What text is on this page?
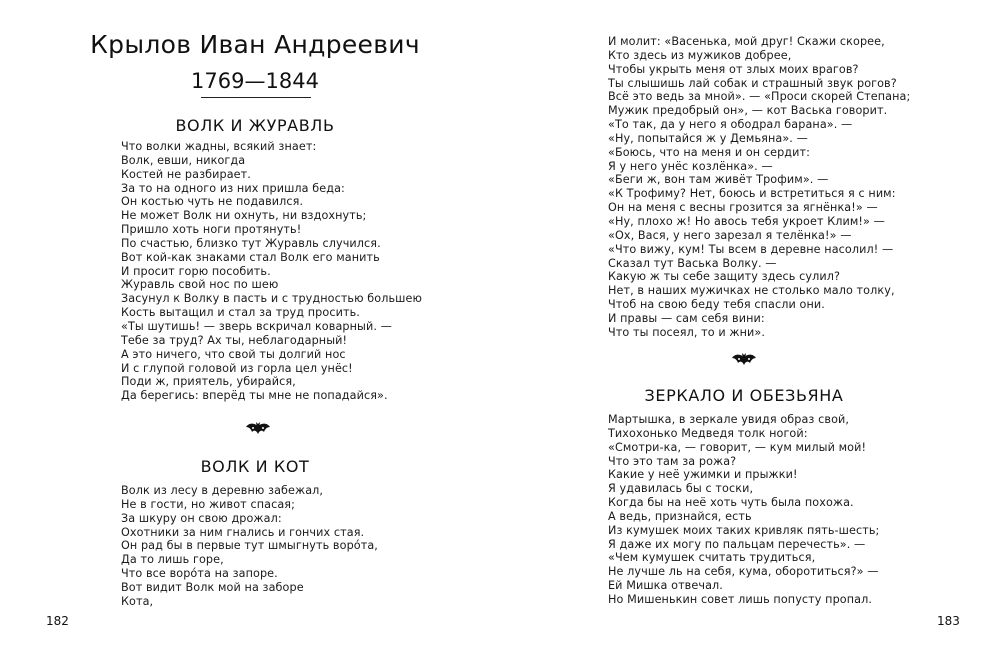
Крылов Иван Андреевич
1769—1844
ВОЛК И ЖУРАВЛЬ
Что волки жадны, всякий знает:
Волк, евши, никогда
Костей не разбирает.
За то на одного из них пришла беда:
Он костью чуть не подавился.
Не может Волк ни охнуть, ни вздохнуть;
Пришло хоть ноги протянуть!
По счастью, близко тут Журавль случился.
Вот кой-как знаками стал Волк его манить
И просит горю пособить.
Журавль свой нос по шею
Засунул к Волку в пасть и с трудностью большею
Кость вытащил и стал за труд просить.
«Ты шутишь! — зверь вскричал коварный. —
Тебе за труд? Ах ты, неблагодарный!
А это ничего, что свой ты долгий нос
И с глупой головой из горла цел унёс!
Поди ж, приятель, убирайся,
Да берегись: вперёд ты мне не попадайся».
ВОЛК И КОТ
Волк из лесу в деревню забежал,
Не в гости, но живот спасая;
За шкуру он свою дрожал:
Охотники за ним гнались и гончих стая.
Он рад бы в первые тут шмыгнуть ворóта,
Да то лишь горе,
Что все ворóта на запоре.
Вот видит Волк мой на заборе
Кота,
182
И молит: «Васенька, мой друг! Скажи скорее,
Кто здесь из мужиков добрее,
Чтобы укрыть меня от злых моих врагов?
Ты слышишь лай собак и страшный звук рогов?
Всё это ведь за мной». — «Проси скорей Степана;
Мужик предобрый он», — кот Васька говорит.
«То так, да у него я ободрал барана». —
«Ну, попытайся ж у Демьяна». —
«Боюсь, что на меня и он сердит:
Я у него унёс козлёнка». —
«Беги ж, вон там живёт Трофим». —
«К Трофиму? Нет, боюсь и встретиться я с ним:
Он на меня с весны грозится за ягнёнка!» —
«Ну, плохо ж! Но авось тебя укроет Клим!» —
«Ох, Вася, у него зарезал я телёнка!» —
«Что вижу, кум! Ты всем в деревне насолил! —
Сказал тут Васька Волку. —
Какую ж ты себе защиту здесь сулил?
Нет, в наших мужичках не столько мало толку,
Чтоб на свою беду тебя спасли они.
И правы — сам себя вини:
Что ты посеял, то и жни».
ЗЕРКАЛО И ОБЕЗЬЯНА
Мартышка, в зеркале увидя образ свой,
Тихохонько Медведя толк ногой:
«Смотри-ка, — говорит, — кум милый мой!
Что это там за рожа?
Какие у неё ужимки и прыжки!
Я удавилась бы с тоски,
Когда бы на неё хоть чуть была похожа.
А ведь, признайся, есть
Из кумушек моих таких кривляк пять-шесть;
Я даже их могу по пальцам перечесть». —
«Чем кумушек считать трудиться,
Не лучше ль на себя, кума, оборотиться?» —
Ей Мишка отвечал.
Но Мишенькин совет лишь попусту пропал.
183
